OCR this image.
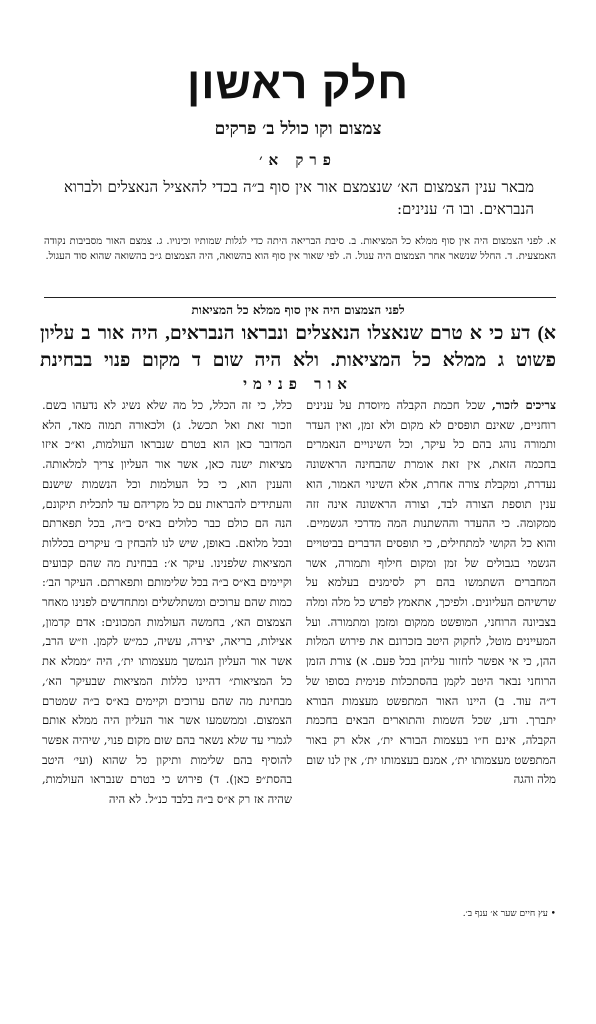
חלק ראשון
צמצום וקו כולל ב׳ פרקים
פרק א׳
מבאר ענין הצמצום הא׳ שנצמצם אור אין סוף ב״ה בכדי להאציל הנאצלים ולברוא הנבראים. ובו ה׳ ענינים:
א. לפני הצמצום היה אין סוף ממלא כל המציאות. ב. סיבת הבריאה היתה כדי לגלות שמותיו וכינויו. ג. צמצם האור מסביבות נקודה האמצעית. ד. החלל שנשאר אחר הצמצום היה עגול. ה. לפי שאור אין סוף הוא בהשואה, היה הצמצום ג״כ בהשואה שהוא סוד העגול.
לפני הצמצום היה אין סוף ממלא כל המציאות
א) דע כי א טרם שנאצלו הנאצלים ונבראו הנבראים, היה אור ב עליון פשוט ג ממלא כל המציאות. ולא היה שום ד מקום פנוי בבחינת
אור פנימי

צריכים לזכור, שכל חכמת הקבלה מיוסדת על ענינים רוחניים, שאינם תופסים לא מקום ולא זמן, ואין העדר ותמורה נוהג בהם כל עיקר, וכל השינויים הנאמרים בחכמה הזאת, אין זאת אומרת שהבחינה הראשונה נעדרת, ומקבלת צורה אחרת, אלא השינוי האמור, הוא ענין תוספת הצורה לבד, וצורה הראשונה אינה זזה ממקומה. כי ההעדר וההשתנות המה מדרכי הגשמיים. והוא כל הקושי למתחילים, כי תופסים הדברים בביטויים הגשמי בגבולים של זמן ומקום חילוף ותמורה, אשר המחברים השתמשו בהם רק לסימנים בעלמא על שרשיהם העליונים. ולפיכך, אתאמץ לפרש כל מלה ומלה בצביונה הרוחני, המופשט ממקום ומזמן ומתמורה. ועל המעיינים מוטל, לחקוק היטב בזכרונם את פירוש המלות ההן, כי אי אפשר לחזור עליהן בכל פעם. א) צורת הזמן הרוחני נבאר היטב לקמן בהסתכלות פנימית בסופו של ד״ה עוד. ב) היינו האור המתפשט מעצמות הבורא יתברך. ודע, שכל השמות והתוארים הבאים בחכמת הקבלה, אינם ח״ו בעצמות הבורא ית׳, אלא רק באור המתפשט מעצמותו ית׳, אמנם בעצמותו ית׳, אין לנו שום מלה והגה

כלל, כי זה הכלל, כל מה שלא נשיג לא נדעהו בשם. וזכור זאת ואל תכשל. ג) ולכאורה תמוה מאד, הלא המדובר כאן הוא בטרם שנבראו העולמות, וא״כ איזו מציאות ישנה כאן, אשר אור העליון צריך למלאותה. והענין הוא, כי כל העולמות וכל הנשמות שישנם והעתידים להבראות עם כל מקריהם עד לתכלית תיקונם, הנה הם כולם כבר כלולים בא״ס ב״ה, בכל תפארתם ובכל מלואם. באופן, שיש לנו להבחין ב׳ עיקרים בכללות המציאות שלפנינו. עיקר א׳: בבחינת מה שהם קבועים וקיימים בא״ס ב״ה בכל שלימותם ותפארתם. העיקר הב׳: כמות שהם ערוכים ומשתלשלים ומתחדשים לפנינו מאחר הצמצום הא׳, בחמשה העולמות המכונים: אדם קדמון, אצילות, בריאה, יצירה, עשיה, כמ״ש לקמן. וז״ש הרב, אשר אור העליון הנמשך מעצמותו ית׳, היה ״ממלא את כל המציאות״ דהיינו כללות המציאות שבעיקר הא׳, מבחינת מה שהם ערוכים וקיימים בא״ס ב״ה שמטרם הצמצום. וממשמעו אשר אור העליון היה ממלא אותם לגמרי עד שלא נשאר בהם שום מקום פנוי, שיהיה אפשר להוסיף בהם שלימות ותיקון כל שהוא (ועי׳ היטב בהסת״פ כאן). ד) פירוש כי בטרם שנבראו העולמות, שהיה אז רק א״ס ב״ה בלבד כנ״ל. לא היה

• עץ חיים שער א׳ ענף ב׳.
